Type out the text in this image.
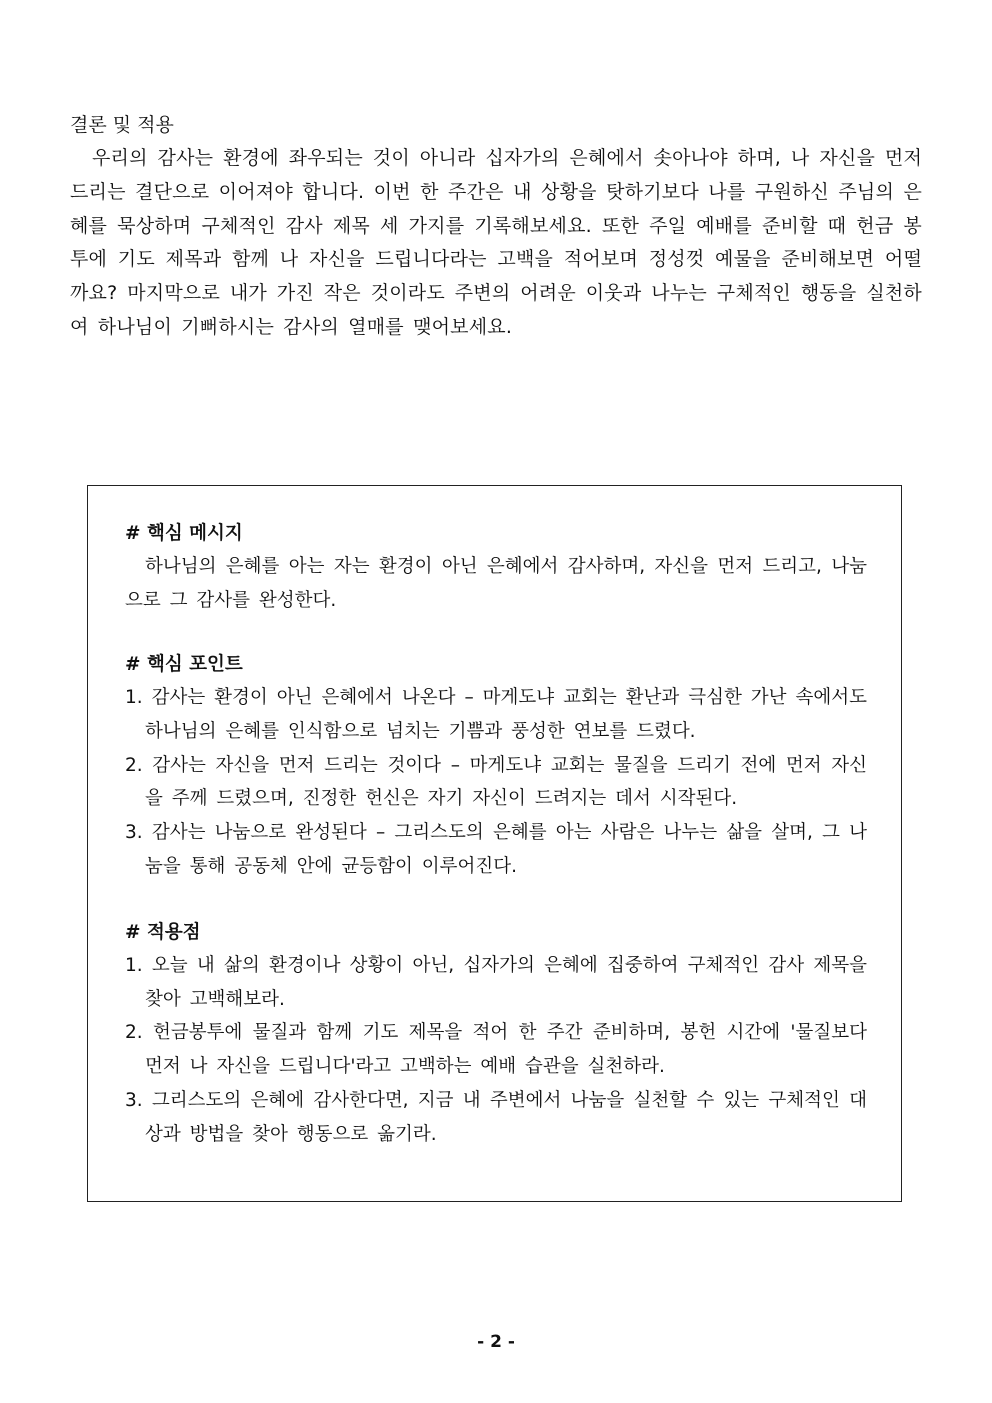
결론 및 적용

우리의 감사는 환경에 좌우되는 것이 아니라 십자가의 은혜에서 솟아나야 하며, 나 자신을 먼저 드리는 결단으로 이어져야 합니다. 이번 한 주간은 내 상황을 탓하기보다 나를 구원하신 주님의 은혜를 묵상하며 구체적인 감사 제목 세 가지를 기록해보세요. 또한 주일 예배를 준비할 때 헌금 봉투에 기도 제목과 함께 나 자신을 드립니다라는 고백을 적어보며 정성껏 예물을 준비해보면 어떨까요? 마지막으로 내가 가진 작은 것이라도 주변의 어려운 이웃과 나누는 구체적인 행동을 실천하여 하나님이 기뻐하시는 감사의 열매를 맺어보세요.

# 핵심 메시지

하나님의 은혜를 아는 자는 환경이 아닌 은혜에서 감사하며, 자신을 먼저 드리고, 나눔으로 그 감사를 완성한다.

# 핵심 포인트
1. 감사는 환경이 아닌 은혜에서 나온다 – 마게도냐 교회는 환난과 극심한 가난 속에서도 하나님의 은혜를 인식함으로 넘치는 기쁨과 풍성한 연보를 드렸다.
2. 감사는 자신을 먼저 드리는 것이다 – 마게도냐 교회는 물질을 드리기 전에 먼저 자신을 주께 드렸으며, 진정한 헌신은 자기 자신이 드려지는 데서 시작된다.
3. 감사는 나눔으로 완성된다 – 그리스도의 은혜를 아는 사람은 나누는 삶을 살며, 그 나눔을 통해 공동체 안에 균등함이 이루어진다.
# 적용점
1. 오늘 내 삶의 환경이나 상황이 아닌, 십자가의 은혜에 집중하여 구체적인 감사 제목을 찾아 고백해보라.
2. 헌금봉투에 물질과 함께 기도 제목을 적어 한 주간 준비하며, 봉헌 시간에 '물질보다 먼저 나 자신을 드립니다'라고 고백하는 예배 습관을 실천하라.
3. 그리스도의 은혜에 감사한다면, 지금 내 주변에서 나눔을 실천할 수 있는 구체적인 대상과 방법을 찾아 행동으로 옮기라.

- 2 -
